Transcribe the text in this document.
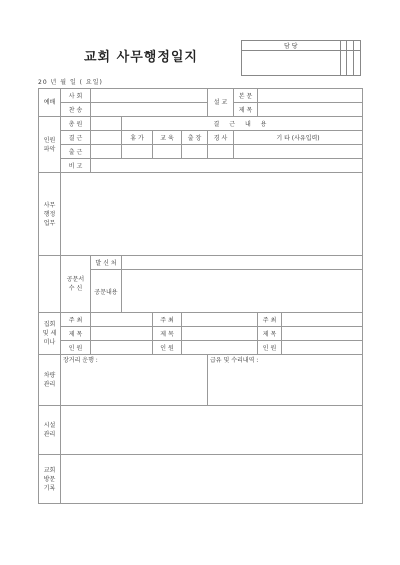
교회 사무행정일지
담 당			

20 년 월 일 ( 요일)
예배	사 회					설 교	본 문		
	찬 송						제 목		
인원 파악	총 원		결 근 내 용						
	결 근		휴 가	교 육	출 장	경 사	기 타 (사유입력)		
	출 근								
	비 고								
사무 행정 업무									
	공문서 수 신	발 신 처							
		공문내용							
집회 및 세미나	주 최			주 최				주 최	
	제 목			제 목				제 목	
	인 원			인 원				인 원	
차량 관리	장거리 운행 :					급유 및 수리내역 :			
시설 관리									
교회 방문 기록									
